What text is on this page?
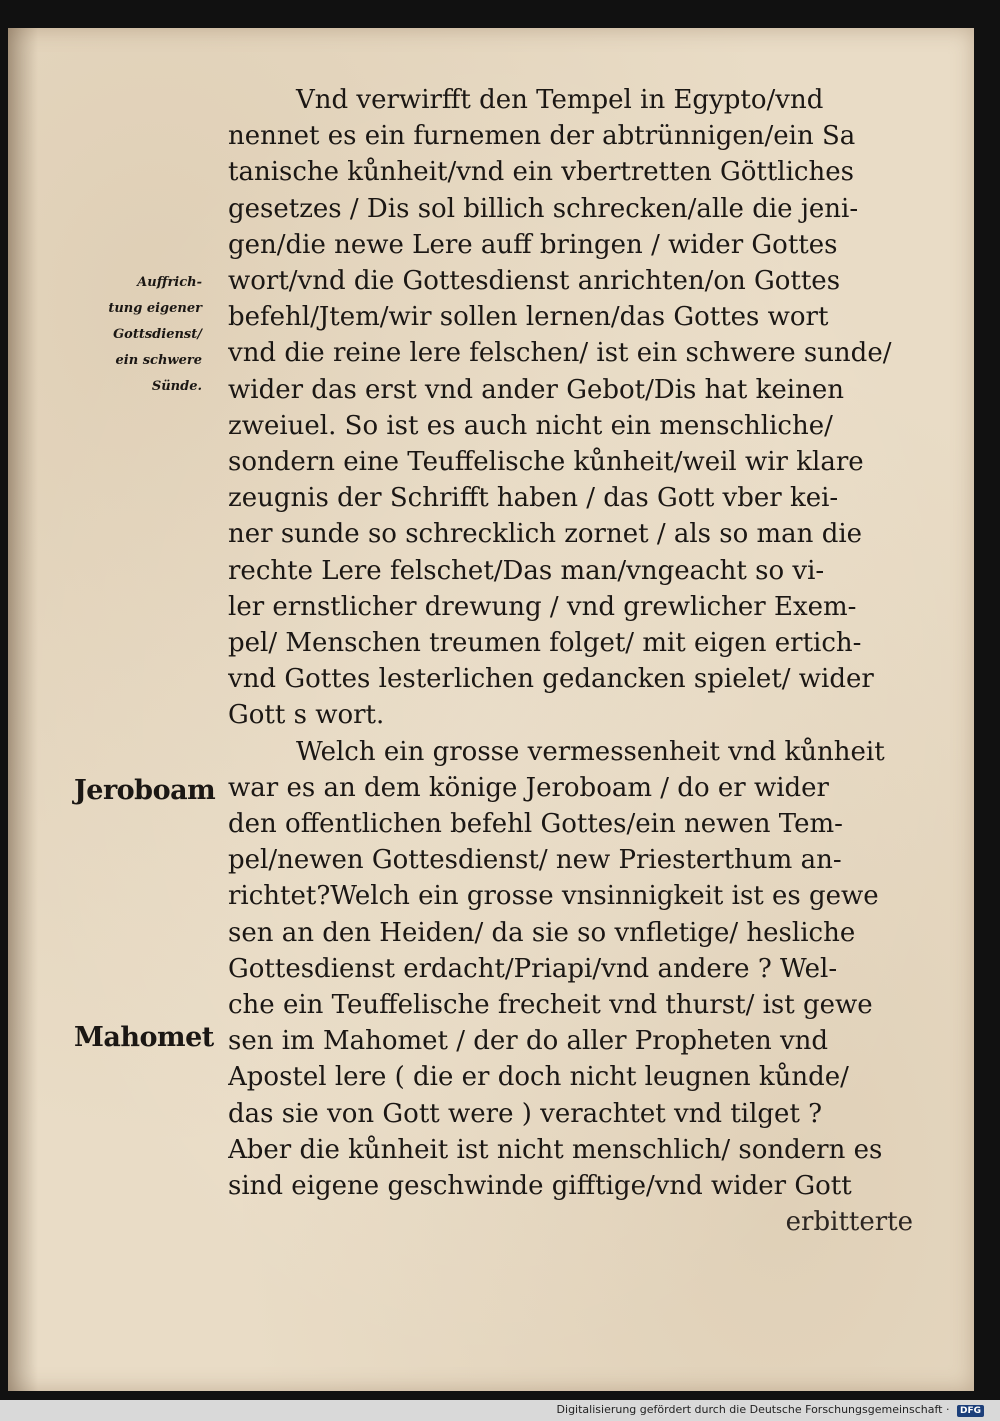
Auffrich-
tung eigener
Gottsdienst/
ein schwere
Sünde.
Jeroboam
Mahomet
Vnd verwirfft den Tempel in Egypto/vnd
nennet es ein furnemen der abtrünnigen/ein Sa
tanische kůnheit/vnd ein vbertretten Göttliches
gesetzes / Dis sol billich schrecken/alle die jeni-
gen/die newe Lere auff bringen / wider Gottes
wort/vnd die Gottesdienst anrichten/on Gottes
befehl/Jtem/wir sollen lernen/das Gottes wort
vnd die reine lere felschen/ ist ein schwere sunde/
wider das erst vnd ander Gebot/Dis hat keinen
zweiuel. So ist es auch nicht ein menschliche/
sondern eine Teuffelische kůnheit/weil wir klare
zeugnis der Schrifft haben / das Gott vber kei-
ner sunde so schrecklich zornet / als so man die
rechte Lere felschet/Das man/vngeacht so vi-
ler ernstlicher drewung / vnd grewlicher Exem-
pel/ Menschen treumen folget/ mit eigen ertich-
vnd Gottes lesterlichen gedancken spielet/ wider
Gott s wort.
Welch ein grosse vermessenheit vnd kůnheit
war es an dem könige Jeroboam / do er wider
den offentlichen befehl Gottes/ein newen Tem-
pel/newen Gottesdienst/ new Priesterthum an-
richtet?Welch ein grosse vnsinnigkeit ist es gewe
sen an den Heiden/ da sie so vnfletige/ hesliche
Gottesdienst erdacht/Priapi/vnd andere ? Wel-
che ein Teuffelische frecheit vnd thurst/ ist gewe
sen im Mahomet / der do aller Propheten vnd
Apostel lere ( die er doch nicht leugnen kůnde/
das sie von Gott were ) verachtet vnd tilget ?
Aber die kůnheit ist nicht menschlich/ sondern es
sind eigene geschwinde gifftige/vnd wider Gott
erbitterte
Digitalisierung gefördert durch die Deutsche Forschungsgemeinschaft · DFG
